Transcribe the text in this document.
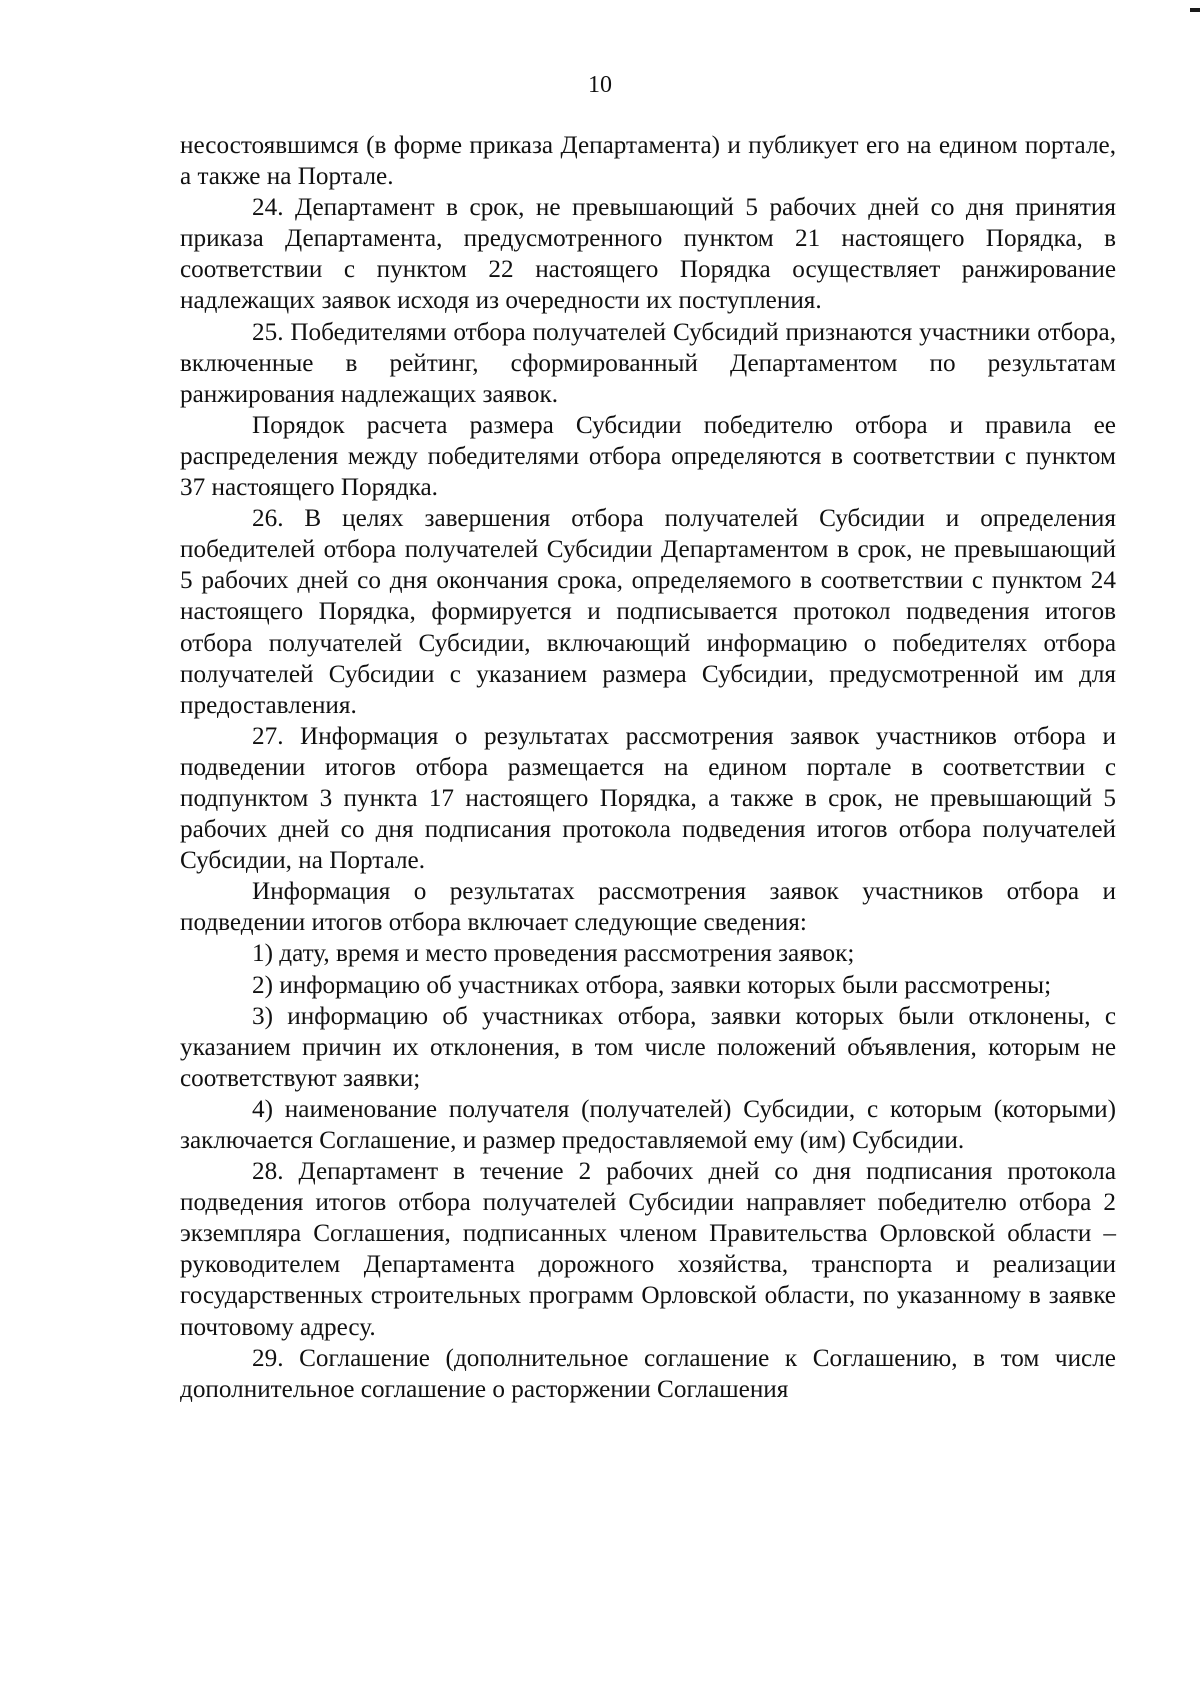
10

несостоявшимся (в форме приказа Департамента) и публикует его на едином портале, а также на Портале.

24. Департамент в срок, не превышающий 5 рабочих дней со дня принятия приказа Департамента, предусмотренного пунктом 21 настоящего Порядка, в соответствии с пунктом 22 настоящего Порядка осуществляет ранжирование надлежащих заявок исходя из очередности их поступления.

25. Победителями отбора получателей Субсидий признаются участники отбора, включенные в рейтинг, сформированный Департаментом по результатам ранжирования надлежащих заявок.

Порядок расчета размера Субсидии победителю отбора и правила ее распределения между победителями отбора определяются в соответствии с пунктом 37 настоящего Порядка.

26. В целях завершения отбора получателей Субсидии и определения победителей отбора получателей Субсидии Департаментом в срок, не превышающий 5 рабочих дней со дня окончания срока, определяемого в соответствии с пунктом 24 настоящего Порядка, формируется и подписывается протокол подведения итогов отбора получателей Субсидии, включающий информацию о победителях отбора получателей Субсидии с указанием размера Субсидии, предусмотренной им для предоставления.

27. Информация о результатах рассмотрения заявок участников отбора и подведении итогов отбора размещается на едином портале в соответствии с подпунктом 3 пункта 17 настоящего Порядка, а также в срок, не превышающий 5 рабочих дней со дня подписания протокола подведения итогов отбора получателей Субсидии, на Портале.

Информация о результатах рассмотрения заявок участников отбора и подведении итогов отбора включает следующие сведения:

1) дату, время и место проведения рассмотрения заявок;

2) информацию об участниках отбора, заявки которых были рассмотрены;

3) информацию об участниках отбора, заявки которых были отклонены, с указанием причин их отклонения, в том числе положений объявления, которым не соответствуют заявки;

4) наименование получателя (получателей) Субсидии, с которым (которыми) заключается Соглашение, и размер предоставляемой ему (им) Субсидии.

28. Департамент в течение 2 рабочих дней со дня подписания протокола подведения итогов отбора получателей Субсидии направляет победителю отбора 2 экземпляра Соглашения, подписанных членом Правительства Орловской области – руководителем Департамента дорожного хозяйства, транспорта и реализации государственных строительных программ Орловской области, по указанному в заявке почтовому адресу.

29. Соглашение (дополнительное соглашение к Соглашению, в том числе дополнительное соглашение о расторжении Соглашения
